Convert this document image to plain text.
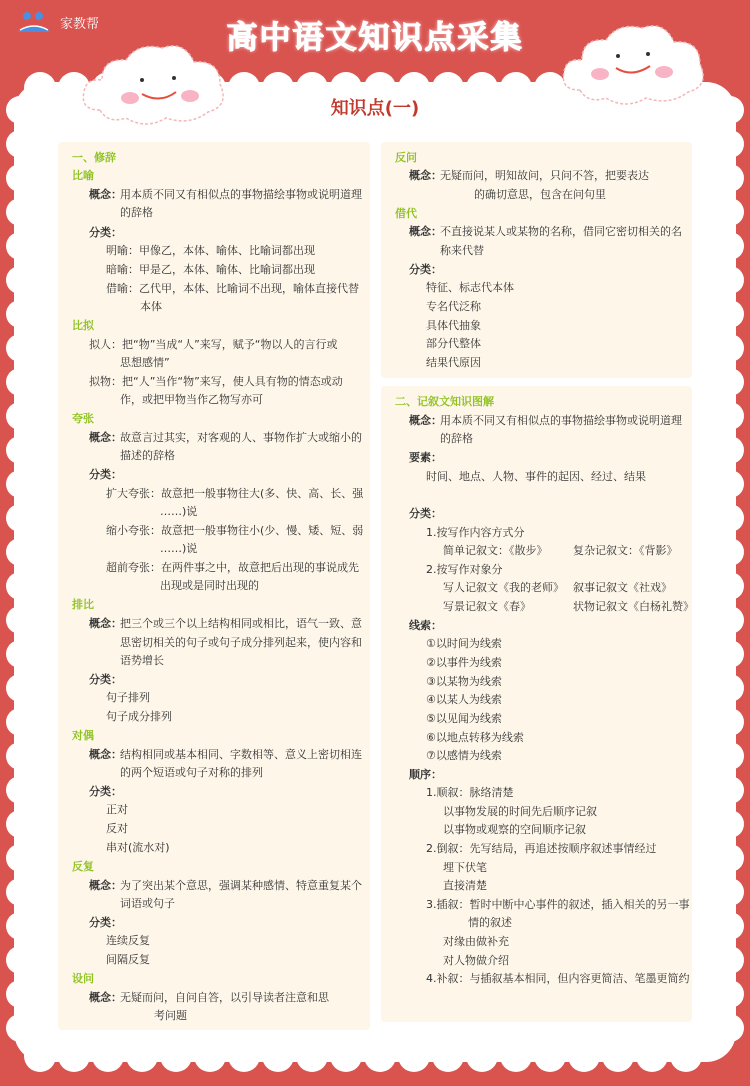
家教帮	高中语文知识点采集
知识点(一)
一、修辞
比喻
概念：
用本质不同又有相似点的事物描绘事物或说明道理
的辞格
分类：
明喻：甲像乙，本体、喻体、比喻词都出现
暗喻：甲是乙，本体、喻体、比喻词都出现
借喻：乙代甲，本体、比喻词不出现，喻体直接代替
本体
比拟
拟人：把“物”当成“人”来写，赋予“物以人的言行或
思想感情”
拟物：把“人”当作“物”来写，使人具有物的情态或动
作，或把甲物当作乙物写亦可
夸张
概念：
故意言过其实，对客观的人、事物作扩大或缩小的
描述的辞格
分类：
扩大夸张：故意把一般事物往大(多、快、高、长、强
……)说
缩小夸张：故意把一般事物往小(少、慢、矮、短、弱
……)说
超前夸张：在两件事之中，故意把后出现的事说成先
出现或是同时出现的
排比
概念：
把三个或三个以上结构相同或相比，语气一致、意
思密切相关的句子或句子成分排列起来，使内容和
语势增长
分类：
句子排列
句子成分排列
对偶
概念：
结构相同或基本相同、字数相等、意义上密切相连
的两个短语或句子对称的排列
分类：
正对
反对
串对(流水对)
反复
概念：
为了突出某个意思，强调某种感情、特意重复某个
词语或句子
分类：
连续反复
间隔反复
设问
概念：
无疑而问，自问自答，以引导读者注意和思
考问题
反问
概念：
无疑而问，明知故问，只问不答，把要表达
的确切意思，包含在问句里
借代
概念：
不直接说某人或某物的名称，借同它密切相关的名
称来代替
分类：
特征、标志代本体
专名代泛称
具体代抽象
部分代整体
结果代原因
二、记叙文知识图解
概念：
用本质不同又有相似点的事物描绘事物或说明道理
的辞格
要素：
时间、地点、人物、事件的起因、经过、结果
分类：
1.按写作内容方式分
简单记叙文：《散步》 复杂记叙文：《背影》
2.按写作对象分
写人记叙文《我的老师》 叙事记叙文《社戏》
写景记叙文《春》	状物记叙文《白杨礼赞》
线索：
①以时间为线索
②以事件为线索
③以某物为线索
④以某人为线索
⑤以见闻为线索
⑥以地点转移为线索
⑦以感情为线索
顺序：
1.顺叙：脉络清楚
以事物发展的时间先后顺序记叙
以事物或观察的空间顺序记叙
2.倒叙：先写结局，再追述按顺序叙述事情经过
埋下伏笔
直接清楚
3.插叙：暂时中断中心事件的叙述，插入相关的另一事
情的叙述
对缘由做补充
对人物做介绍
4.补叙：与插叙基本相同，但内容更简洁、笔墨更简约
